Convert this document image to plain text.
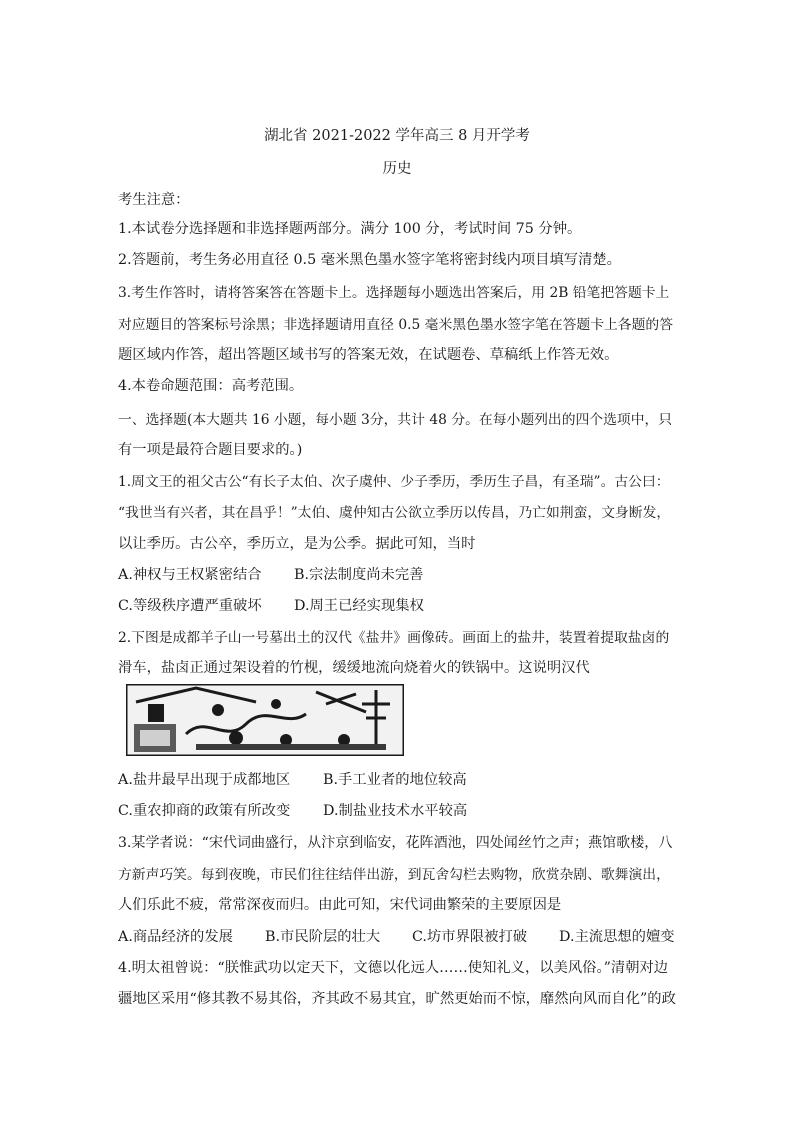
湖北省 2021-2022 学年高三 8 月开学考
历史
考生注意：
1.本试卷分选择题和非选择题两部分。满分 100 分，考试时间 75 分钟。
2.答题前，考生务必用直径 0.5 毫米黑色墨水签字笔将密封线内项目填写清楚。
3.考生作答时，请将答案答在答题卡上。选择题每小题选出答案后，用 2B 铅笔把答题卡上
对应题目的答案标号涂黑；非选择题请用直径 0.5 毫米黑色墨水签字笔在答题卡上各题的答
题区域内作答，超出答题区域书写的答案无效，在试题卷、草稿纸上作答无效。
4.本卷命题范围：高考范围。
一、选择题(本大题共 16 小题，每小题 3分，共计 48 分。在每小题列出的四个选项中，只
有一项是最符合题目要求的。)
1.周文王的祖父古公“有长子太伯、次子虞仲、少子季历，季历生子昌，有圣瑞”。古公曰：
“我世当有兴者，其在昌乎！”太伯、虞仲知古公欲立季历以传昌，乃亡如荆蛮，文身断发，
以让季历。古公卒，季历立，是为公季。据此可知，当时
A.神权与王权紧密结合 B.宗法制度尚未完善
C.等级秩序遭严重破坏 D.周王已经实现集权
2.下图是成都羊子山一号墓出土的汉代《盐井》画像砖。画面上的盐井，装置着提取盐卤的
滑车，盐卤正通过架设着的竹枧，缓缓地流向烧着火的铁锅中。这说明汉代
A.盐井最早出现于成都地区 B.手工业者的地位较高
C.重农抑商的政策有所改变 D.制盐业技术水平较高
3.某学者说：“宋代词曲盛行，从汴京到临安，花阵酒池，四处闻丝竹之声；燕馆歌楼，八
方新声巧笑。每到夜晚，市民们往往结伴出游，到瓦舍勾栏去购物，欣赏杂剧、歌舞演出，
人们乐此不疲，常常深夜而归。由此可知，宋代词曲繁荣的主要原因是
A.商品经济的发展 B.市民阶层的壮大 C.坊市界限被打破 D.主流思想的嬗变
4.明太祖曾说：“朕惟武功以定天下，文德以化远人……使知礼义，以美风俗。”清朝对边
疆地区采用“修其教不易其俗，齐其政不易其宜，旷然更始而不惊，靡然向风而自化”的政
